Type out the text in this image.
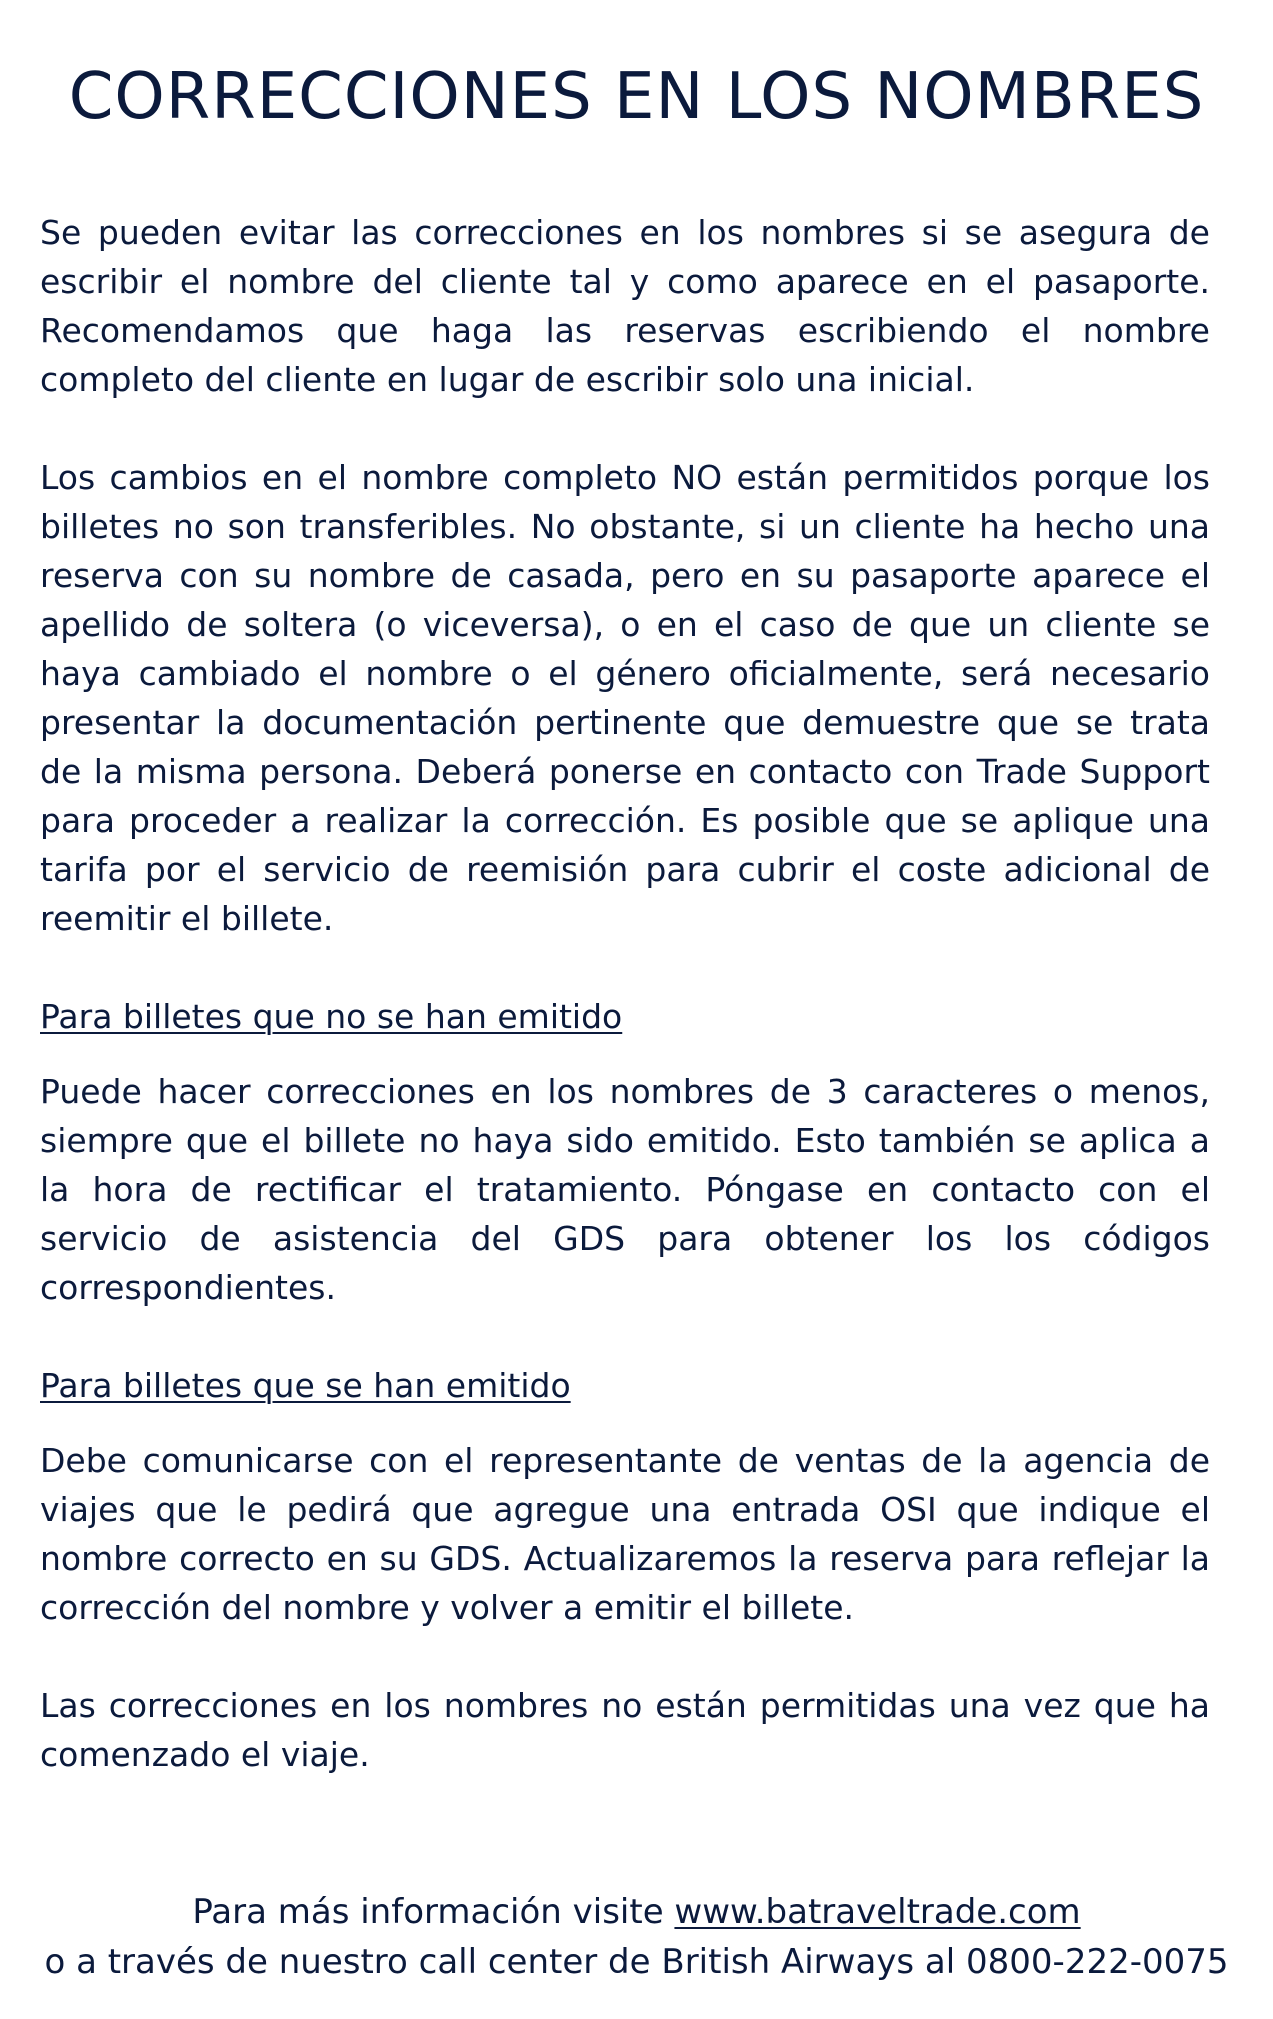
CORRECCIONES EN LOS NOMBRES

Se pueden evitar las correcciones en los nombres si se asegura de escribir el nombre del cliente tal y como aparece en el pasaporte. Recomendamos que haga las reservas escribiendo el nombre completo del cliente en lugar de escribir solo una inicial.

Los cambios en el nombre completo NO están permitidos porque los billetes no son transferibles. No obstante, si un cliente ha hecho una reserva con su nombre de casada, pero en su pasaporte aparece el apellido de soltera (o viceversa), o en el caso de que un cliente se haya cambiado el nombre o el género oficialmente, será necesario presentar la documentación pertinente que demuestre que se trata de la misma persona. Deberá ponerse en contacto con Trade Support para proceder a realizar la corrección. Es posible que se aplique una tarifa por el servicio de reemisión para cubrir el coste adicional de reemitir el billete.

Para billetes que no se han emitido

Puede hacer correcciones en los nombres de 3 caracteres o menos, siempre que el billete no haya sido emitido. Esto también se aplica a la hora de rectificar el tratamiento. Póngase en contacto con el servicio de asistencia del GDS para obtener los los códigos correspondientes.

Para billetes que se han emitido

Debe comunicarse con el representante de ventas de la agencia de viajes que le pedirá que agregue una entrada OSI que indique el nombre correcto en su GDS. Actualizaremos la reserva para reflejar la corrección del nombre y volver a emitir el billete.

Las correcciones en los nombres no están permitidas una vez que ha comenzado el viaje.

Para más información visite www.batraveltrade.com
o a través de nuestro call center de British Airways al 0800-222-0075
